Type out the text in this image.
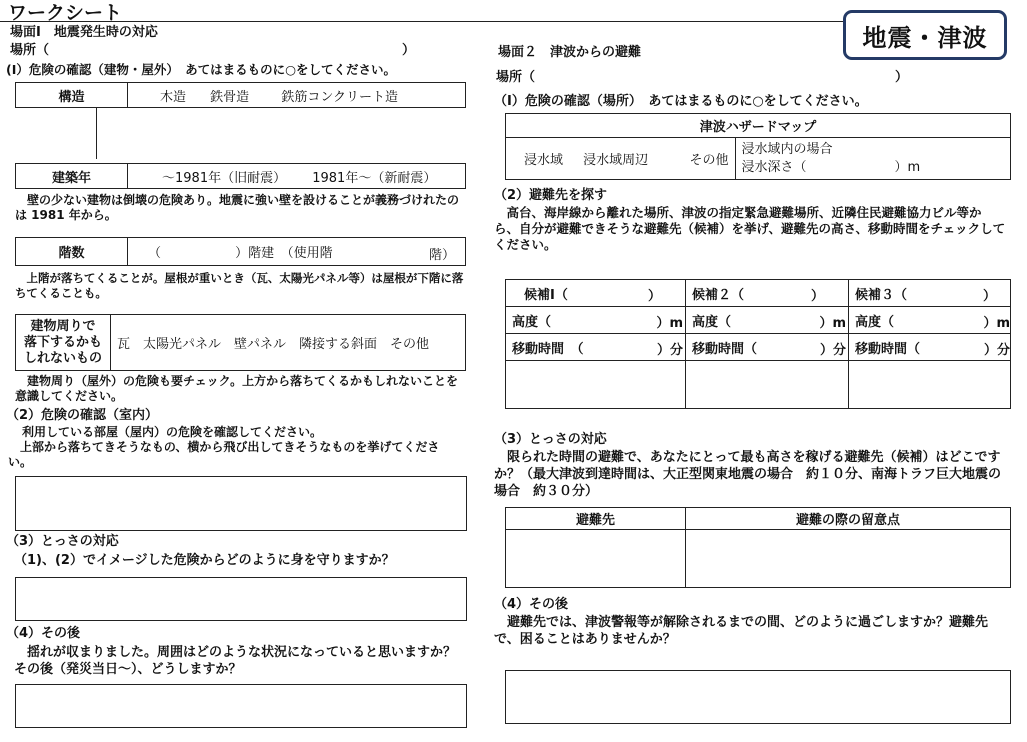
ワークシート
地震・津波
場面Ⅰ　地震発生時の対応
場所（	）
(Ⅰ）危険の確認（建物・屋外）　あてはまるものに○をしてください。
構造	木造 鉄骨造 鉄筋コンクリート造
建築年	～1981年（旧耐震） 1981年～（新耐震）
壁の少ない建物は倒壊の危険あり。地震に強い壁を設けることが義務づけれたのは 1981 年から。
階数	（	）階建　（使用階	階）
上階が落ちてくることが。屋根が重いとき（瓦、太陽光パネル等）は屋根が下階に落ちてくることも。
建物周りで
落下するかも
しれないもの
	瓦　太陽光パネル　壁パネル　隣接する斜面　その他
建物周り（屋外）の危険も要チェック。上方から落ちてくるかもしれないことを意識してください。
（2）危険の確認（室内）
利用している部屋（屋内）の危険を確認してください。
上部から落ちてきそうなもの、横から飛び出してきそうなものを挙げてください。
（3）とっさの対応
（1)、(2）でイメージした危険からどのように身を守りますか？
（4）その後
揺れが収まりました。周囲はどのような状況になっていると思いますか？　その後（発災当日～）、どうしますか？
場面２　津波からの避難
場所（	）
（Ⅰ）危険の確認（場所）　あてはまるものに○をしてください。
津波ハザードマップ
浸水域 浸水域周辺	その他	
浸水域内の場合
浸水深さ（	）m
（2）避難先を探す
高台、海岸線から離れた場所、津波の指定緊急避難場所、近隣住民避難協力ビル等から、自分が避難できそうな避難先（候補）を挙げ、避難先の高さ、移動時間をチェックしてください。
候補Ⅰ（ ）	候補２（ ）	候補３（ ）

高度（ ）m	高度（ ）m	高度（ ）m

移動時間　（ ）分	移動時間（ ）分	移動時間（ ）分

（3）とっさの対応
限られた時間の避難で、あなたにとって最も高さを稼げる避難先（候補）はどこですか？（最大津波到達時間は、大正型関東地震の場合　約１０分、南海トラフ巨大地震の場合　約３０分）
避難先	避難の際の留意点

（4）その後
避難先では、津波警報等が解除されるまでの間、どのように過ごしますか？避難先で、困ることはありませんか？
